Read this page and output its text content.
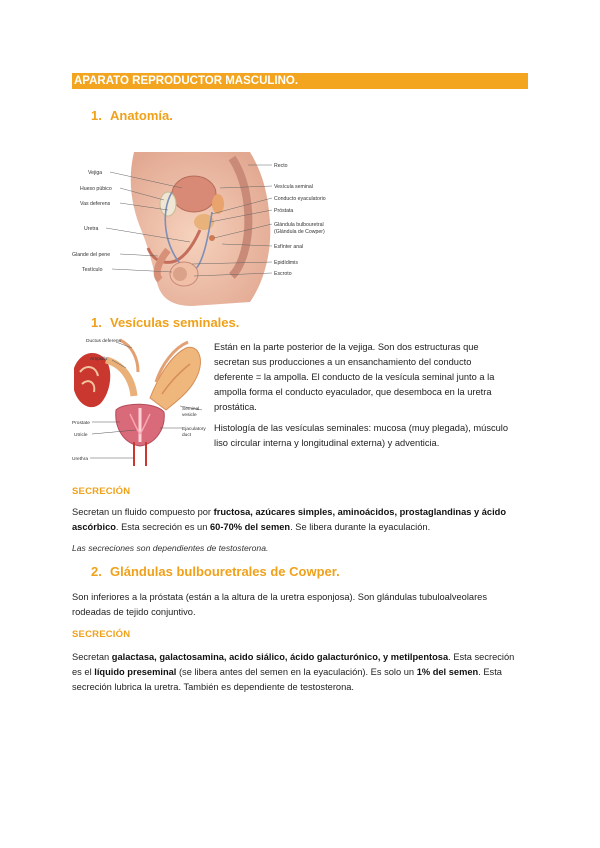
APARATO REPRODUCTOR MASCULINO.
1. Anatomía.
Vejiga
Hueso púbico
Vas deferens
Uretra
Glande del pene
Testículo
Recto
Vesícula seminal
Conducto eyaculatorio
Próstata
Glándula bulbouretral
(Glándula de Cowper)
Esfínter anal
Epidídimis
Escroto
1. Vesículas seminales.
Ductus deferens
Ampulla
Prostate
Utricle
Urethra
Seminal
vesicle
Ejaculatory
duct
Están en la parte posterior de la vejiga. Son dos estructuras que
secretan sus producciones a un ensanchamiento del conducto
deferente = la ampolla. El conducto de la vesícula seminal junto a la
ampolla forma el conducto eyaculador, que desemboca en la uretra
prostática.
Histología de las vesículas seminales: mucosa (muy plegada), músculo
liso circular interna y longitudinal externa) y adventicia.
SECRECIÓN
Secretan un fluido compuesto por fructosa, azúcares simples, aminoácidos, prostaglandinas y ácido
ascórbico. Esta secreción es un 60-70% del semen. Se libera durante la eyaculación.
Las secreciones son dependientes de testosterona.
2. Glándulas bulbouretrales de Cowper.
Son inferiores a la próstata (están a la altura de la uretra esponjosa). Son glándulas tubuloalveolares
rodeadas de tejido conjuntivo.
SECRECIÓN
Secretan galactasa, galactosamina, acido siálico, ácido galacturónico, y metilpentosa. Esta secreción
es el líquido preseminal (se libera antes del semen en la eyaculación). Es solo un 1% del semen. Esta
secreción lubrica la uretra. También es dependiente de testosterona.
